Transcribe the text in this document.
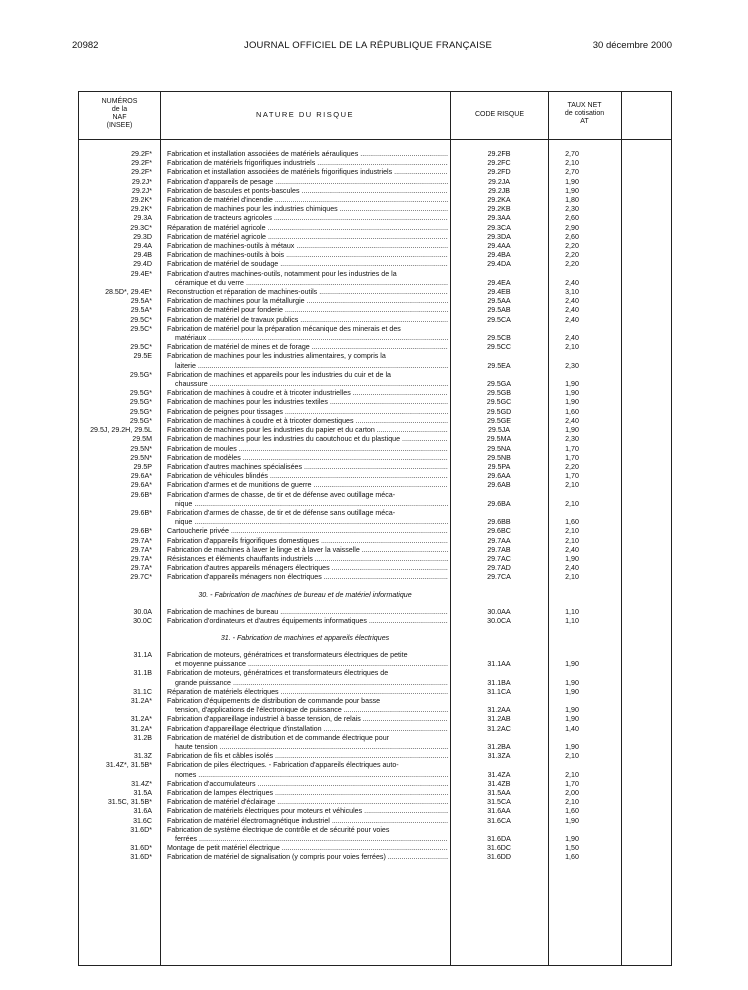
20982	JOURNAL OFFICIEL DE LA RÉPUBLIQUE FRANÇAISE	30 décembre 2000
NUMÉROS
de la
NAF
(INSEE)
NATURE DU RISQUE	CODE RISQUE
TAUX NET
de cotisation
AT
29.2F*	Fabrication et installation associées de matériels aérauliques .....	29.2FB	2,70
29.2F*	Fabrication de matériels frigorifiques industriels .....	29.2FC	2,10
29.2F*	Fabrication et installation associées de matériels frigorifiques industriels .....	29.2FD	2,70
29.2J*	Fabrication d'appareils de pesage .....	29.2JA	1,90
29.2J*	Fabrication de bascules et ponts-bascules .....	29.2JB	1,90
29.2K*	Fabrication de matériel d'incendie .....	29.2KA	1,80
29.2K*	Fabrication de machines pour les industries chimiques .....	29.2KB	2,30
29.3A	Fabrication de tracteurs agricoles .....	29.3AA	2,60
29.3C*	Réparation de matériel agricole .....	29.3CA	2,90
29.3D	Fabrication de matériel agricole .....	29.3DA	2,60
29.4A	Fabrication de machines-outils à métaux .....	29.4AA	2,20
29.4B	Fabrication de machines-outils à bois .....	29.4BA	2,20
29.4D	Fabrication de matériel de soudage .....	29.4DA	2,20
29.4E*	Fabrication d'autres machines-outils, notamment pour les industries de la
céramique et du verre .....	29.4EA	2,40
28.5D*, 29.4E*	Reconstruction et réparation de machines-outils .....	29.4EB	3,10
29.5A*	Fabrication de machines pour la métallurgie .....	29.5AA	2,40
29.5A*	Fabrication de matériel pour fonderie .....	29.5AB	2,40
29.5C*	Fabrication de matériel de travaux publics .....	29.5CA	2,40
29.5C*	Fabrication de matériel pour la préparation mécanique des minerais et des
matériaux .....	29.5CB	2,40
29.5C*	Fabrication de matériel de mines et de forage .....	29.5CC	2,10
29.5E	Fabrication de machines pour les industries alimentaires, y compris la
laiterie .....	29.5EA	2,30
29.5G*	Fabrication de machines et appareils pour les industries du cuir et de la
chaussure .....	29.5GA	1,90
29.5G*	Fabrication de machines à coudre et à tricoter industrielles .....	29.5GB	1,90
29.5G*	Fabrication de machines pour les industries textiles .....	29.5GC	1,90
29.5G*	Fabrication de peignes pour tissages .....	29.5GD	1,60
29.5G*	Fabrication de machines à coudre et à tricoter domestiques .....	29.5GE	2,40
29.5J, 29.2H, 29.5L	Fabrication de machines pour les industries du papier et du carton .....	29.5JA	1,90
29.5M	Fabrication de machines pour les industries du caoutchouc et du plastique .....	29.5MA	2,30
29.5N*	Fabrication de moules .....	29.5NA	1,70
29.5N*	Fabrication de modèles .....	29.5NB	1,70
29.5P	Fabrication d'autres machines spécialisées .....	29.5PA	2,20
29.6A*	Fabrication de véhicules blindés .....	29.6AA	1,70
29.6A*	Fabrication d'armes et de munitions de guerre .....	29.6AB	2,10
29.6B*	Fabrication d'armes de chasse, de tir et de défense avec outillage méca-
nique .....	29.6BA	2,10
29.6B*	Fabrication d'armes de chasse, de tir et de défense sans outillage méca-
nique .....	29.6BB	1,60
29.6B*	Cartoucherie privée .....	29.6BC	2,10
29.7A*	Fabrication d'appareils frigorifiques domestiques .....	29.7AA	2,10
29.7A*	Fabrication de machines à laver le linge et à laver la vaisselle .....	29.7AB	2,40
29.7A*	Résistances et éléments chauffants industriels .....	29.7AC	1,90
29.7A*	Fabrication d'autres appareils ménagers électriques .....	29.7AD	2,40
29.7C*	Fabrication d'appareils ménagers non électriques .....	29.7CA	2,10
30. - Fabrication de machines de bureau et de matériel informatique
30.0A	Fabrication de machines de bureau .....	30.0AA	1,10
30.0C	Fabrication d'ordinateurs et d'autres équipements informatiques .....	30.0CA	1,10
31. - Fabrication de machines et appareils électriques
31.1A	Fabrication de moteurs, génératrices et transformateurs électriques de petite
et moyenne puissance .....	31.1AA	1,90
31.1B	Fabrication de moteurs, génératrices et transformateurs électriques de
grande puissance .....	31.1BA	1,90
31.1C	Réparation de matériels électriques .....	31.1CA	1,90
31.2A*	Fabrication d'équipements de distribution de commande pour basse
tension, d'applications de l'électronique de puissance .....	31.2AA	1,90
31.2A*	Fabrication d'appareillage industriel à basse tension, de relais .....	31.2AB	1,90
31.2A*	Fabrication d'appareillage électrique d'installation .....	31.2AC	1,40
31.2B	Fabrication de matériel de distribution et de commande électrique pour
haute tension .....	31.2BA	1,90
31.3Z	Fabrication de fils et câbles isolés .....	31.3ZA	2,10
31.4Z*, 31.5B*	Fabrication de piles électriques. - Fabrication d'appareils électriques auto-
nomes .....	31.4ZA	2,10
31.4Z*	Fabrication d'accumulateurs .....	31.4ZB	1,70
31.5A	Fabrication de lampes électriques .....	31.5AA	2,00
31.5C, 31.5B*	Fabrication de matériel d'éclairage .....	31.5CA	2,10
31.6A	Fabrication de matériels électriques pour moteurs et véhicules .....	31.6AA	1,60
31.6C	Fabrication de matériel électromagnétique industriel .....	31.6CA	1,90
31.6D*	Fabrication de système électrique de contrôle et de sécurité pour voies
ferrées .....	31.6DA	1,90
31.6D*	Montage de petit matériel électrique .....	31.6DC	1,50
31.6D*	Fabrication de matériel de signalisation (y compris pour voies ferrées) .....	31.6DD	1,60
